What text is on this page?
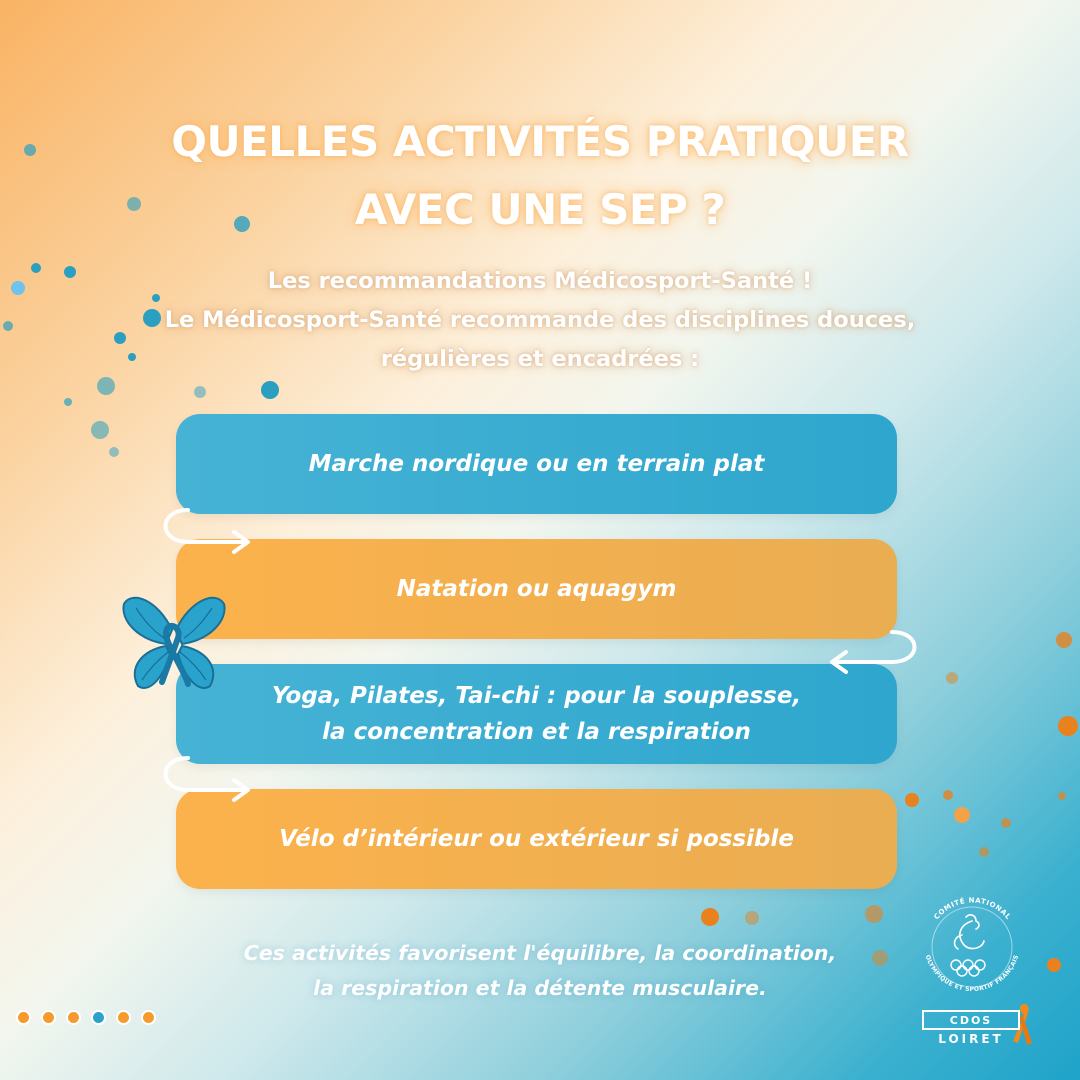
QUELLES ACTIVITÉS PRATIQUER
AVEC UNE SEP ?
Les recommandations Médicosport-Santé !
Le Médicosport-Santé recommande des disciplines douces,
régulières et encadrées :
Marche nordique ou en terrain plat
Natation ou aquagym
Yoga, Pilates, Tai-chi : pour la souplesse,
la concentration et la respiration
Vélo d’intérieur ou extérieur si possible
Ces activités favorisent l'équilibre, la coordination,
la respiration et la détente musculaire.
COMITÉ NATIONAL
OLYMPIQUE ET SPORTIF FRANÇAIS
CDOS
LOIRET
